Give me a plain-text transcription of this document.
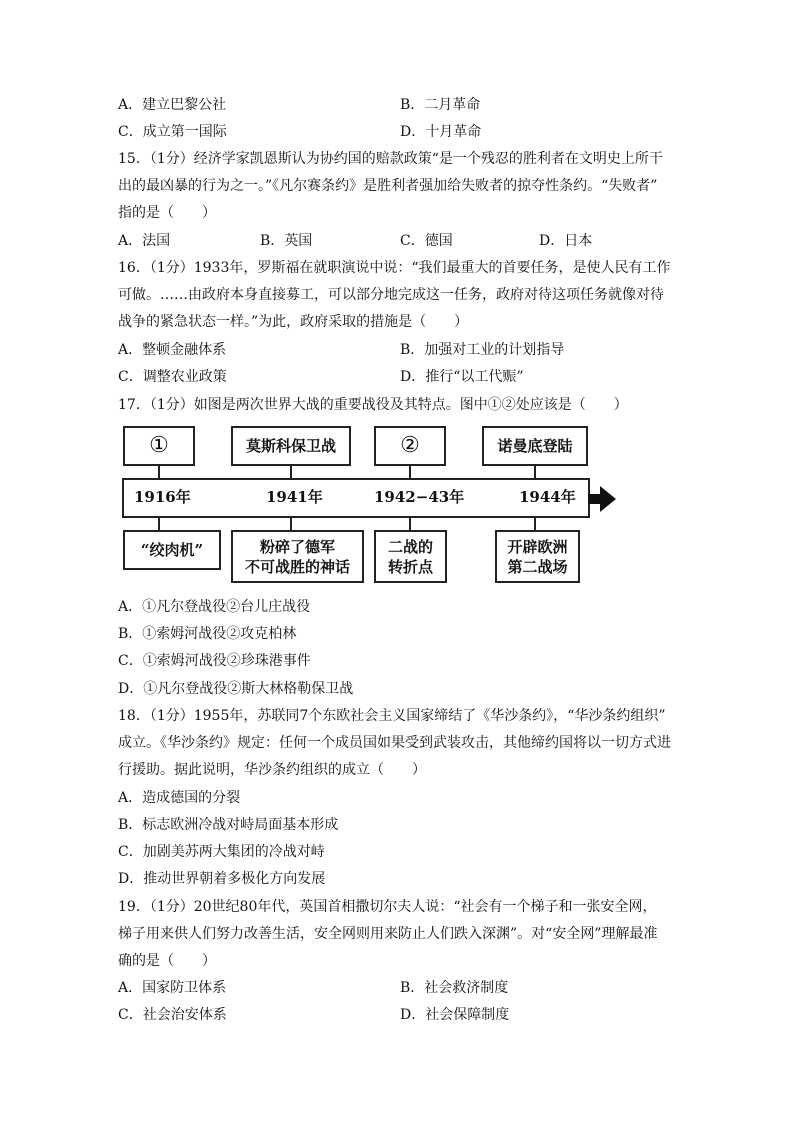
A．建立巴黎公社	B．二月革命
C．成立第一国际	D．十月革命
15．（1分）经济学家凯恩斯认为协约国的赔款政策“是一个残忍的胜利者在文明史上所干
出的最凶暴的行为之一。”《凡尔赛条约》是胜利者强加给失败者的掠夺性条约。“失败者”
指的是（　　）
A．法国	B．英国	C．德国	D．日本
16．（1分）1933年，罗斯福在就职演说中说：“我们最重大的首要任务，是使人民有工作
可做。……由政府本身直接募工，可以部分地完成这一任务，政府对待这项任务就像对待
战争的紧急状态一样。”为此，政府采取的措施是（　　）
A．整顿金融体系	B．加强对工业的计划指导
C．调整农业政策	D．推行“以工代赈”
17．（1分）如图是两次世界大战的重要战役及其特点。图中①②处应该是（　　）
①	莫斯科保卫战	②	诺曼底登陆
1916年	1941年	1942−43年	1944年
“绞肉机”	粉碎了德军
不可战胜的神话
二战的
转折点
开辟欧洲
第二战场
A．①凡尔登战役②台儿庄战役
B．①索姆河战役②攻克柏林
C．①索姆河战役②珍珠港事件
D．①凡尔登战役②斯大林格勒保卫战
18．（1分）1955年，苏联同7个东欧社会主义国家缔结了《华沙条约》，“华沙条约组织”
成立。《华沙条约》规定：任何一个成员国如果受到武装攻击，其他缔约国将以一切方式进
行援助。据此说明，华沙条约组织的成立（　　）
A．造成德国的分裂
B．标志欧洲冷战对峙局面基本形成
C．加剧美苏两大集团的冷战对峙
D．推动世界朝着多极化方向发展
19．（1分）20世纪80年代，英国首相撒切尔夫人说：“社会有一个梯子和一张安全网，
梯子用来供人们努力改善生活，安全网则用来防止人们跌入深渊”。对“安全网”理解最准
确的是（　　）
A．国家防卫体系	B．社会救济制度
C．社会治安体系	D．社会保障制度
